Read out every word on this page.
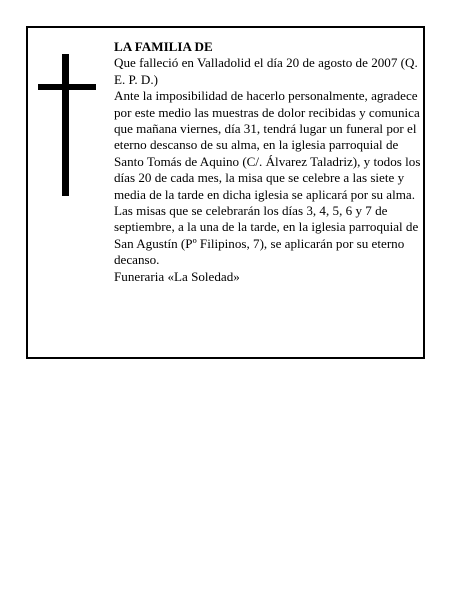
LA FAMILIA DE

Que falleció en Valladolid el día 20 de agosto de 2007 (Q. E. P. D.)

Ante la imposibilidad de hacerlo personalmente, agradece por este medio las muestras de dolor recibidas y comunica que mañana viernes, día 31, tendrá lugar un funeral por el eterno descanso de su alma, en la iglesia parroquial de Santo Tomás de Aquino (C/. Álvarez Taladriz), y todos los días 20 de cada mes, la misa que se celebre a las siete y media de la tarde en dicha iglesia se aplicará por su alma.

Las misas que se celebrarán los días 3, 4, 5, 6 y 7 de septiembre, a la una de la tarde, en la iglesia parroquial de San Agustín (Pº Filipinos, 7), se aplicarán por su eterno decanso.

Funeraria «La Soledad»
